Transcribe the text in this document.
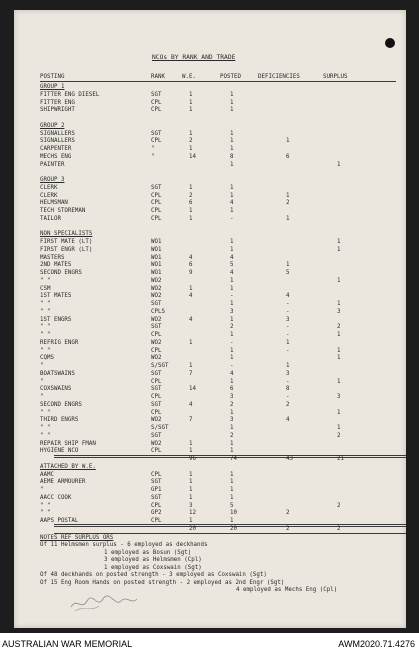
NCOs BY RANK AND TRADE
POSTING	RANK	W.E.	POSTED	DEFICIENCIES	SURPLUS
GROUP 1
FITTER ENG DIESEL	SGT	1	1
FITTER ENG	CPL	1	1
SHIPWRIGHT	CPL	1	1
GROUP 2
SIGNALLERS	SGT	1	1
SIGNALLERS	CPL	2	1	1
CARPENTER	"	1	1
MECHS ENG	"	14	8	6
PAINTER	1	1
GROUP 3
CLERK	SGT	1	1
CLERK	CPL	2	1	1
HELMSMAN	CPL	6	4	2
TECH STOREMAN	CPL	1	1
TAILOR	CPL	1	-	1
NON SPECIALISTS
FIRST MATE (LT)	WO1	1	1
FIRST ENGR (LT)	WO1	1	1
MASTERS	WO1	4	4
2ND MATES	WO1	6	5	1
SECOND ENGRS	WO1	9	4	5
" "	WO2	1	1
CSM	WO2	1	1
1ST MATES	WO2	4	-	4
" "	SGT	1	-	1
" "	CPLS	3	-	3
1ST ENGRS	WO2	4	1	3
" "	SGT	2	-	2
" "	CPL	1	-	1
REFRIG ENGR	WO2	1	-	1
" "	CPL	1	-	1
CQMS	WO2	1	1
"	S/SGT	1	-	1
BOATSWAINS	SGT	7	4	3
"	CPL	1	-	1
COXSWAINS	SGT	14	6	8
"	CPL	3	-	3
SECOND ENGRS	SGT	4	2	2
" "	CPL	1	1
THIRD ENGRS	WO2	7	3	4
" "	S/SGT	1	1
" "	SGT	2	2
REPAIR SHIP FMAN	WO2	1	1
HYGIENE NCO	CPL	1	1
96	74	43	21
ATTACHED BY W.E.
AAMC	CPL	1	1
AEME ARMOURER	SGT	1	1
"	GP1	1	1
AACC COOK	SGT	1	1
" "	CPL	3	5	2
" "	GP2	12	10	2
AAPS POSTAL	CPL	1	1
20	20	2	2
NOTES REF SURPLUS ORS
Of 11 Helmsmen surplus - 6 employed as deckhands
1 employed as Bosun (Sgt)
3 employed as Helmsmen (Cpl)
1 employed as Coxswain (Sgt)
Of 48 deckhands on posted strength - 3 employed as Coxswain (Sgt)
Of 15 Eng Room Hands on posted strength - 2 employed as 2nd Engr (Sgt)
4 employed as Mechs Eng (Cpl)
AUSTRALIAN WAR MEMORIAL	AWM2020.71.4276
